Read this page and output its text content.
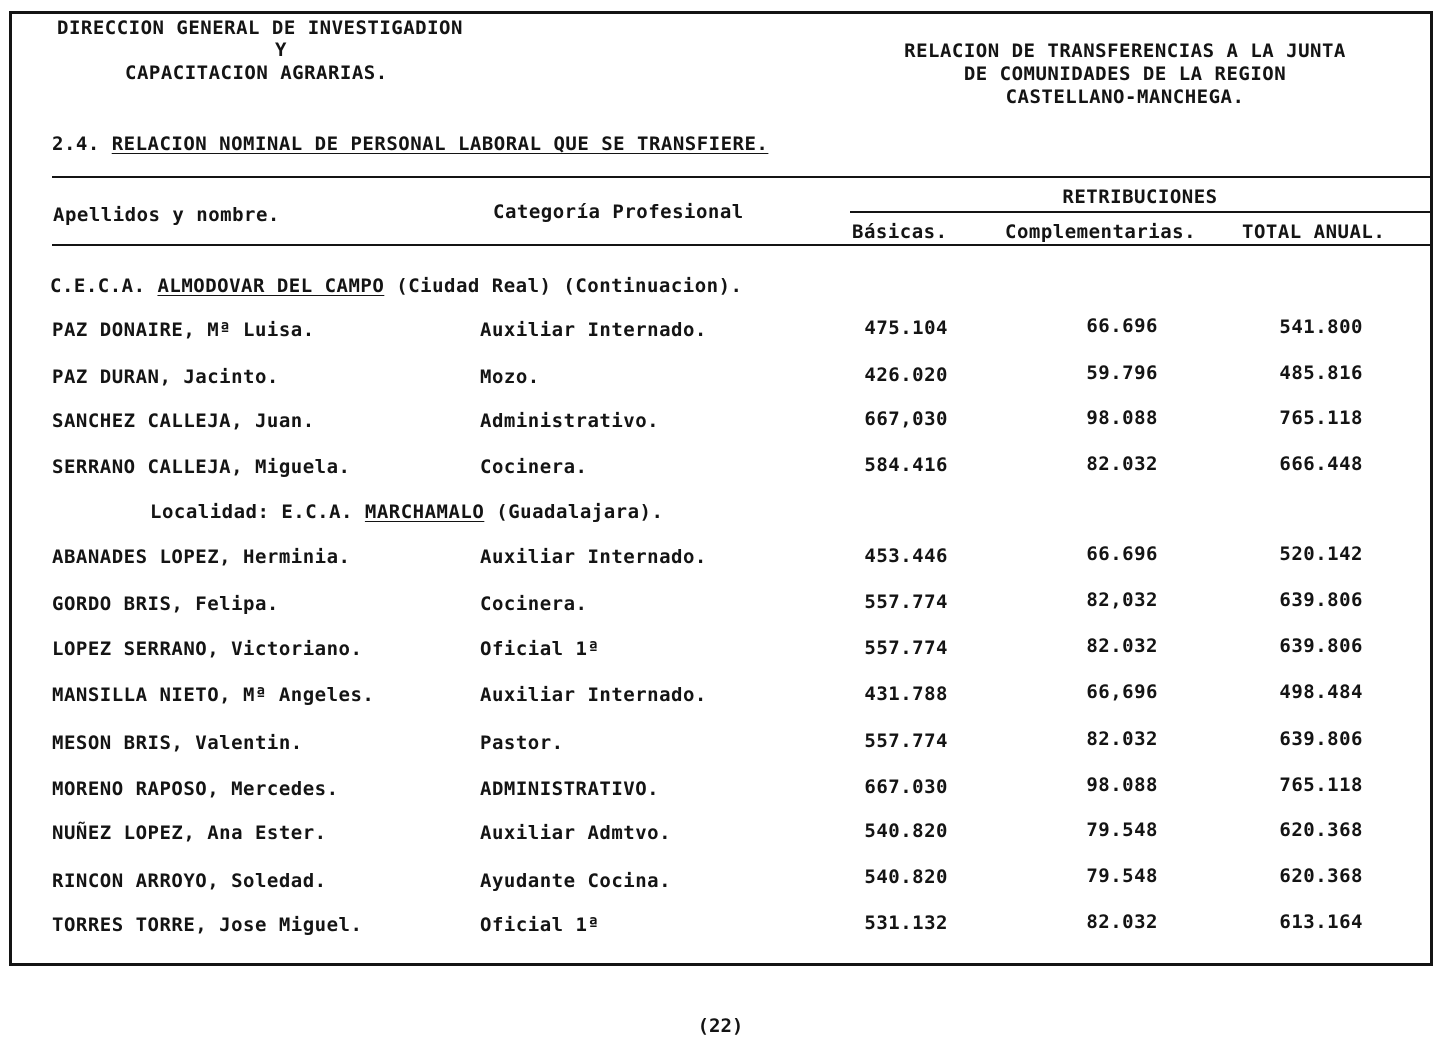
DIRECCION GENERAL DE INVESTIGADION
Y
CAPACITACION AGRARIAS.
RELACION DE TRANSFERENCIAS A LA JUNTA
DE COMUNIDADES DE LA REGION
CASTELLANO-MANCHEGA.
2.4. RELACION NOMINAL DE PERSONAL LABORAL QUE SE TRANSFIERE.
Apellidos y nombre.	Categoría Profesional
RETRIBUCIONES
Básicas.	Complementarias. TOTAL ANUAL.
C.E.C.A. ALMODOVAR DEL CAMPO (Ciudad Real) (Continuacion).
PAZ DONAIRE, Mª Luisa.	Auxiliar Internado.	475.104	66.696	541.800
PAZ DURAN, Jacinto.	Mozo.	426.020	59.796	485.816
SANCHEZ CALLEJA, Juan.	Administrativo.	667,030	98.088	765.118
SERRANO CALLEJA, Miguela.	Cocinera.	584.416	82.032	666.448
Localidad: E.C.A. MARCHAMALO (Guadalajara).
ABANADES LOPEZ, Herminia.	Auxiliar Internado.	453.446	66.696	520.142
GORDO BRIS, Felipa.	Cocinera.	557.774	82,032	639.806
LOPEZ SERRANO, Victoriano.	Oficial 1ª	557.774	82.032	639.806
MANSILLA NIETO, Mª Angeles.	Auxiliar Internado.	431.788	66,696	498.484
MESON BRIS, Valentin.	Pastor.	557.774	82.032	639.806
MORENO RAPOSO, Mercedes.	ADMINISTRATIVO.	667.030	98.088	765.118
NUÑEZ LOPEZ, Ana Ester.	Auxiliar Admtvo.	540.820	79.548	620.368
RINCON ARROYO, Soledad.	Ayudante Cocina.	540.820	79.548	620.368
TORRES TORRE, Jose Miguel.	Oficial 1ª	531.132	82.032	613.164
(22)
